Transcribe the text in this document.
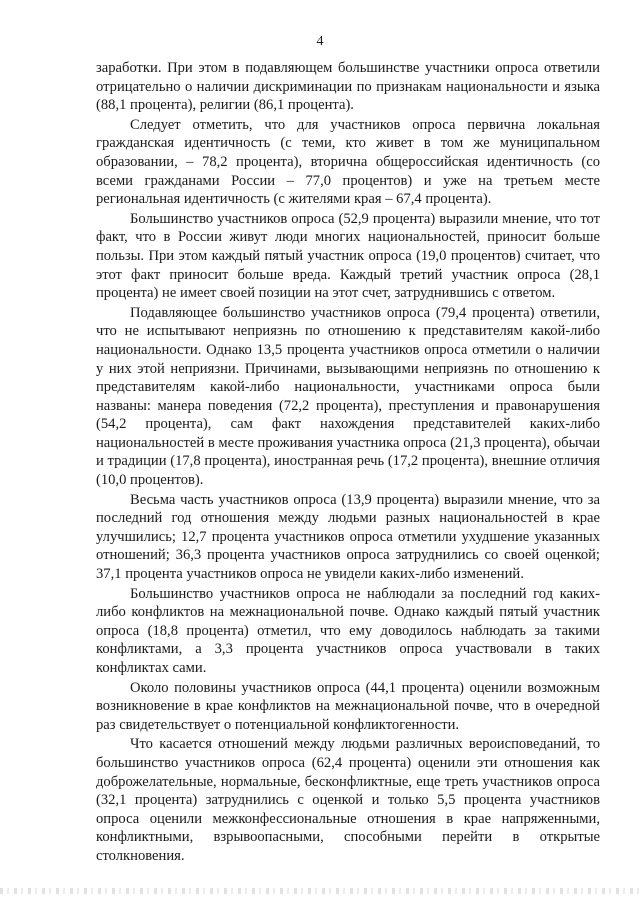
4

заработки. При этом в подавляющем большинстве участники опроса ответили отрицательно о наличии дискриминации по признакам национальности и языка (88,1 процента), религии (86,1 процента).

Следует отметить, что для участников опроса первична локальная гражданская идентичность (с теми, кто живет в том же муниципальном образовании, – 78,2 процента), вторична общероссийская идентичность (со всеми гражданами России – 77,0 процентов) и уже на третьем месте региональная идентичность (с жителями края – 67,4 процента).

Большинство участников опроса (52,9 процента) выразили мнение, что тот факт, что в России живут люди многих национальностей, приносит больше пользы. При этом каждый пятый участник опроса (19,0 процентов) считает, что этот факт приносит больше вреда. Каждый третий участник опроса (28,1 процента) не имеет своей позиции на этот счет, затруднившись с ответом.

Подавляющее большинство участников опроса (79,4 процента) ответили, что не испытывают неприязнь по отношению к представителям какой-либо национальности. Однако 13,5 процента участников опроса отметили о наличии у них этой неприязни. Причинами, вызывающими неприязнь по отношению к представителям какой-либо национальности, участниками опроса были названы: манера поведения (72,2 процента), преступления и правонарушения (54,2 процента), сам факт нахождения представителей каких-либо национальностей в месте проживания участника опроса (21,3 процента), обычаи и традиции (17,8 процента), иностранная речь (17,2 процента), внешние отличия (10,0 процентов).

Весьма часть участников опроса (13,9 процента) выразили мнение, что за последний год отношения между людьми разных национальностей в крае улучшились; 12,7 процента участников опроса отметили ухудшение указанных отношений; 36,3 процента участников опроса затруднились со своей оценкой; 37,1 процента участников опроса не увидели каких-либо изменений.

Большинство участников опроса не наблюдали за последний год каких-либо конфликтов на межнациональной почве. Однако каждый пятый участник опроса (18,8 процента) отметил, что ему доводилось наблюдать за такими конфликтами, а 3,3 процента участников опроса участвовали в таких конфликтах сами.

Около половины участников опроса (44,1 процента) оценили возможным возникновение в крае конфликтов на межнациональной почве, что в очередной раз свидетельствует о потенциальной конфликтогенности.

Что касается отношений между людьми различных вероисповеданий, то большинство участников опроса (62,4 процента) оценили эти отношения как доброжелательные, нормальные, бесконфликтные, еще треть участников опроса (32,1 процента) затруднились с оценкой и только 5,5 процента участников опроса оценили межконфессиональные отношения в крае напряженными, конфликтными, взрывоопасными, способными перейти в открытые столкновения.
